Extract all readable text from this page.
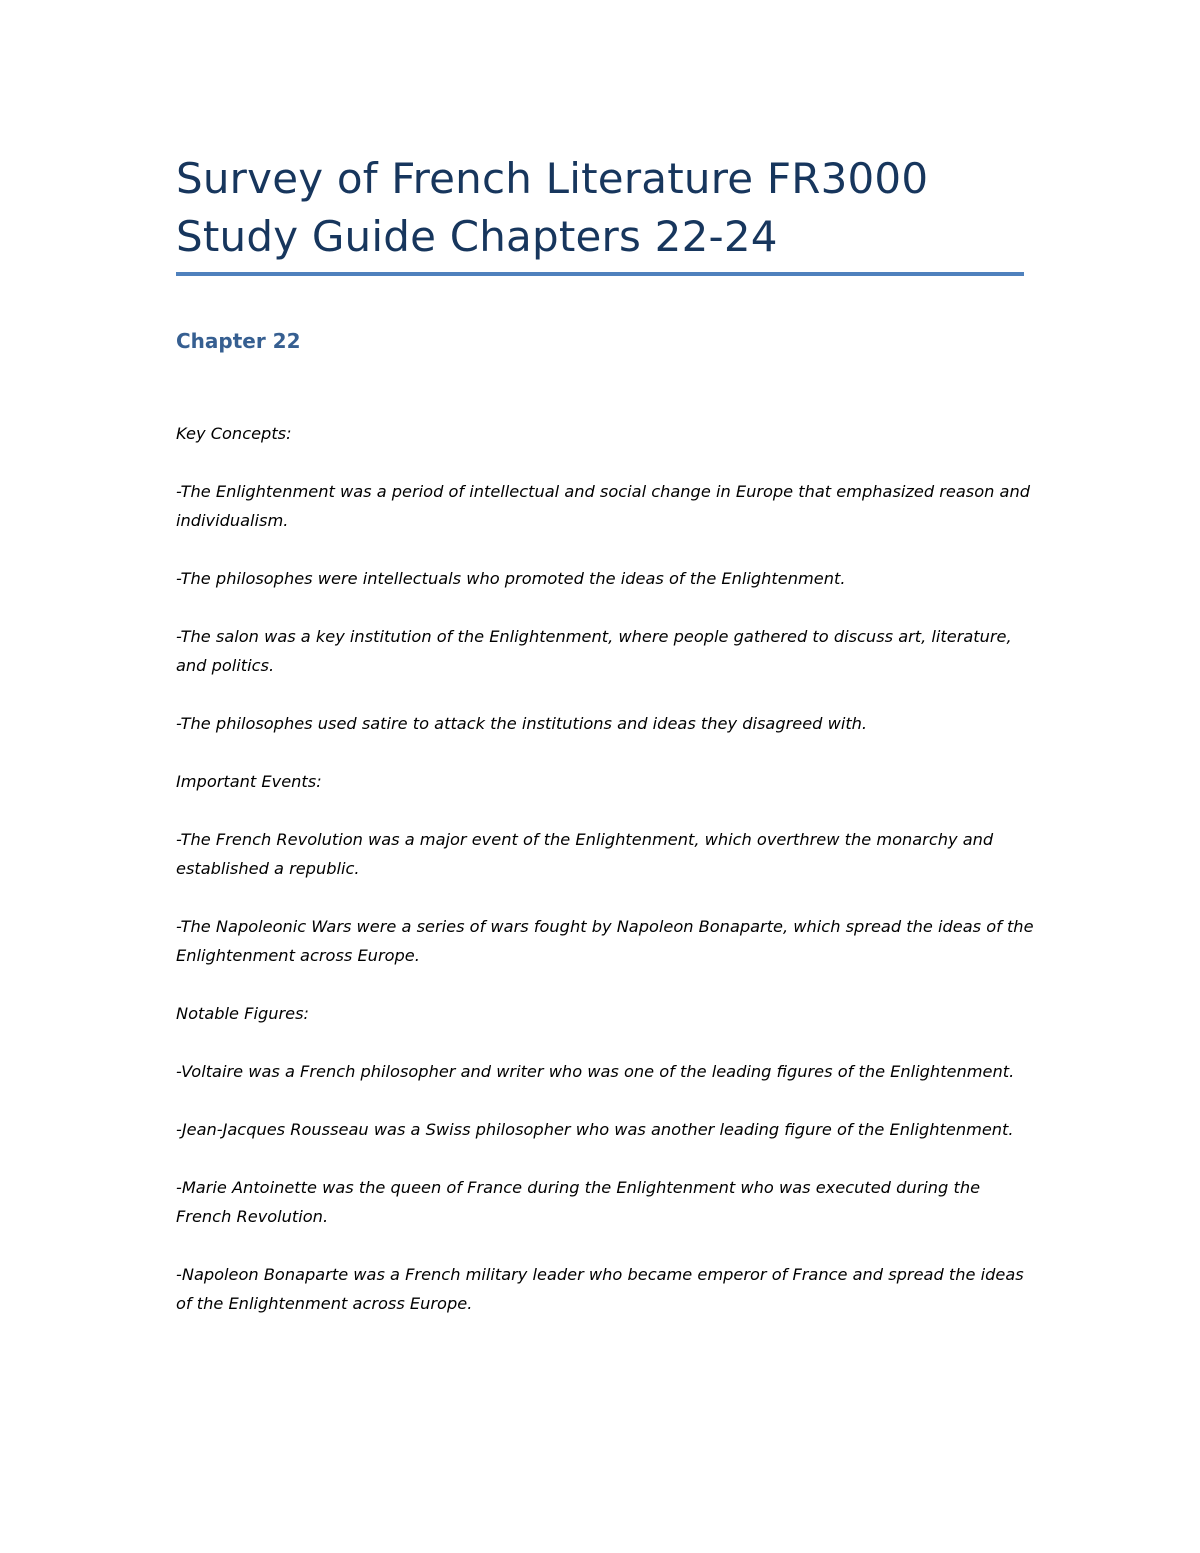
Survey of French Literature FR3000
Study Guide Chapters 22-24
Chapter 22

Key Concepts:

-The Enlightenment was a period of intellectual and social change in Europe that emphasized reason and individualism.

-The philosophes were intellectuals who promoted the ideas of the Enlightenment.

-The salon was a key institution of the Enlightenment, where people gathered to discuss art, literature, and politics.

-The philosophes used satire to attack the institutions and ideas they disagreed with.

Important Events:

-The French Revolution was a major event of the Enlightenment, which overthrew the monarchy and established a republic.

-The Napoleonic Wars were a series of wars fought by Napoleon Bonaparte, which spread the ideas of the Enlightenment across Europe.

Notable Figures:

-Voltaire was a French philosopher and writer who was one of the leading figures of the Enlightenment.

-Jean-Jacques Rousseau was a Swiss philosopher who was another leading figure of the Enlightenment.

-Marie Antoinette was the queen of France during the Enlightenment who was executed during the French Revolution.

-Napoleon Bonaparte was a French military leader who became emperor of France and spread the ideas of the Enlightenment across Europe.
